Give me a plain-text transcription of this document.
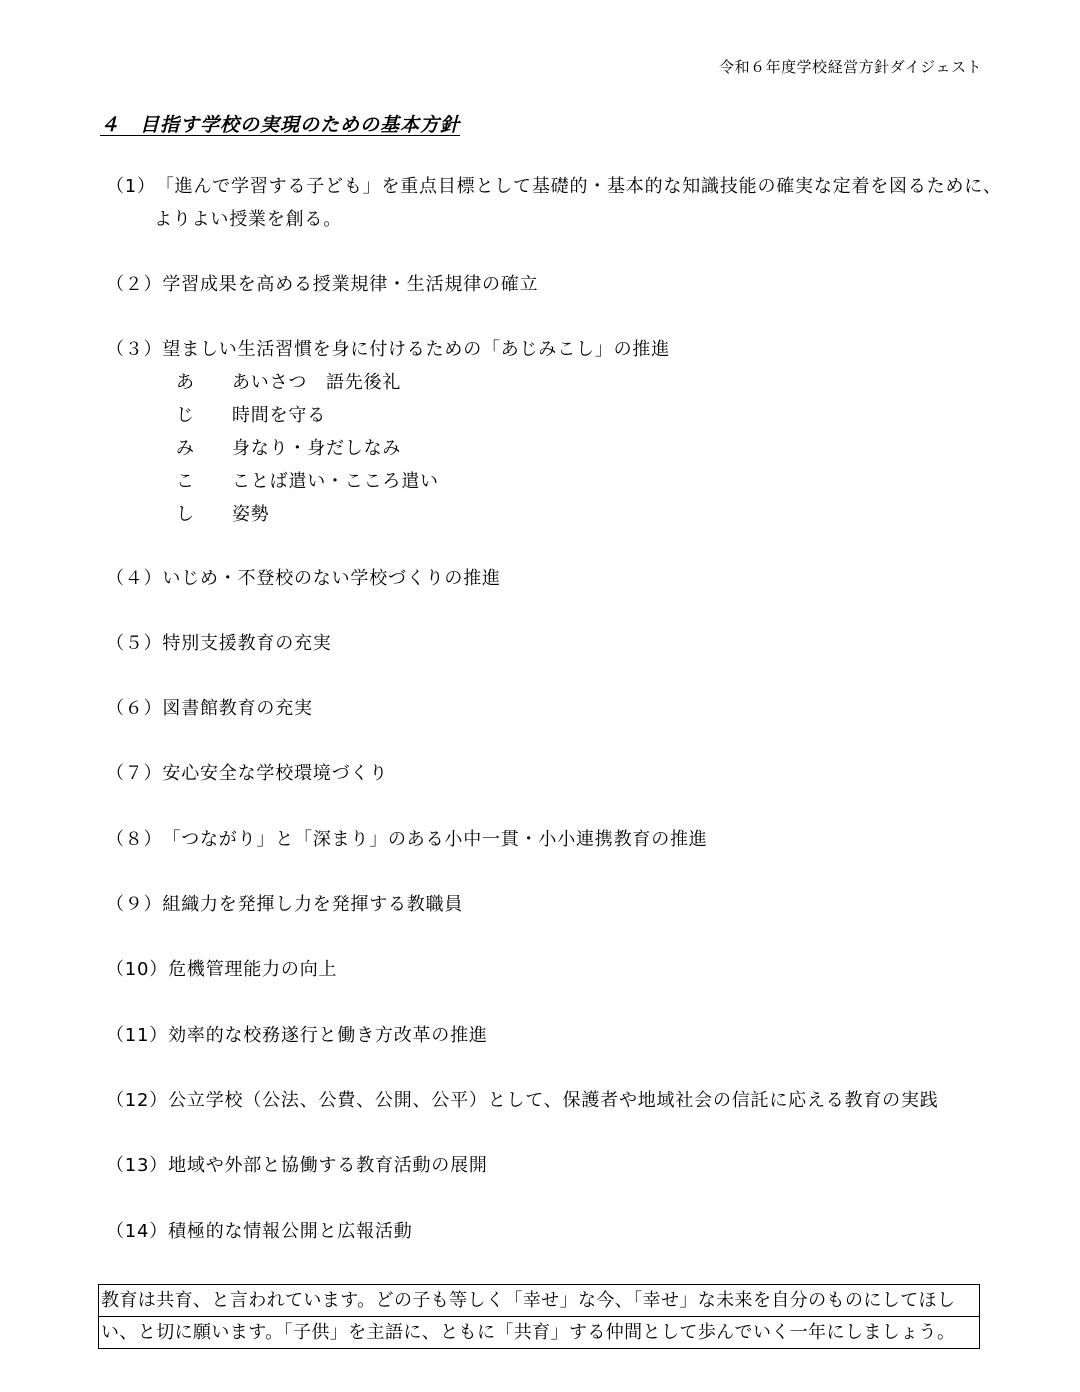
令和６年度学校経営方針ダイジェスト
４　目指す学校の実現のための基本方針
（1）「進んで学習する子ども」を重点目標として基礎的・基本的な知識技能の確実な定着を図るために、
よりよい授業を創る。
（２）学習成果を高める授業規律・生活規律の確立
（３）望ましい生活習慣を身に付けるための「あじみこし」の推進
あ あいさつ　語先後礼
じ 時間を守る
み 身なり・身だしなみ
こ ことば遣い・こころ遣い
し 姿勢
（４）いじめ・不登校のない学校づくりの推進
（５）特別支援教育の充実
（６）図書館教育の充実
（７）安心安全な学校環境づくり
（８）「つながり」と「深まり」のある小中一貫・小小連携教育の推進
（９）組織力を発揮し力を発揮する教職員
（10）危機管理能力の向上
（11）効率的な校務遂行と働き方改革の推進
（12）公立学校（公法、公費、公開、公平）として、保護者や地域社会の信託に応える教育の実践
（13）地域や外部と協働する教育活動の展開
（14）積極的な情報公開と広報活動
教育は共育、と言われています。どの子も等しく「幸せ」な今、「幸せ」な未来を自分のものにしてほし
い、と切に願います。「子供」を主語に、ともに「共育」する仲間として歩んでいく一年にしましょう。
